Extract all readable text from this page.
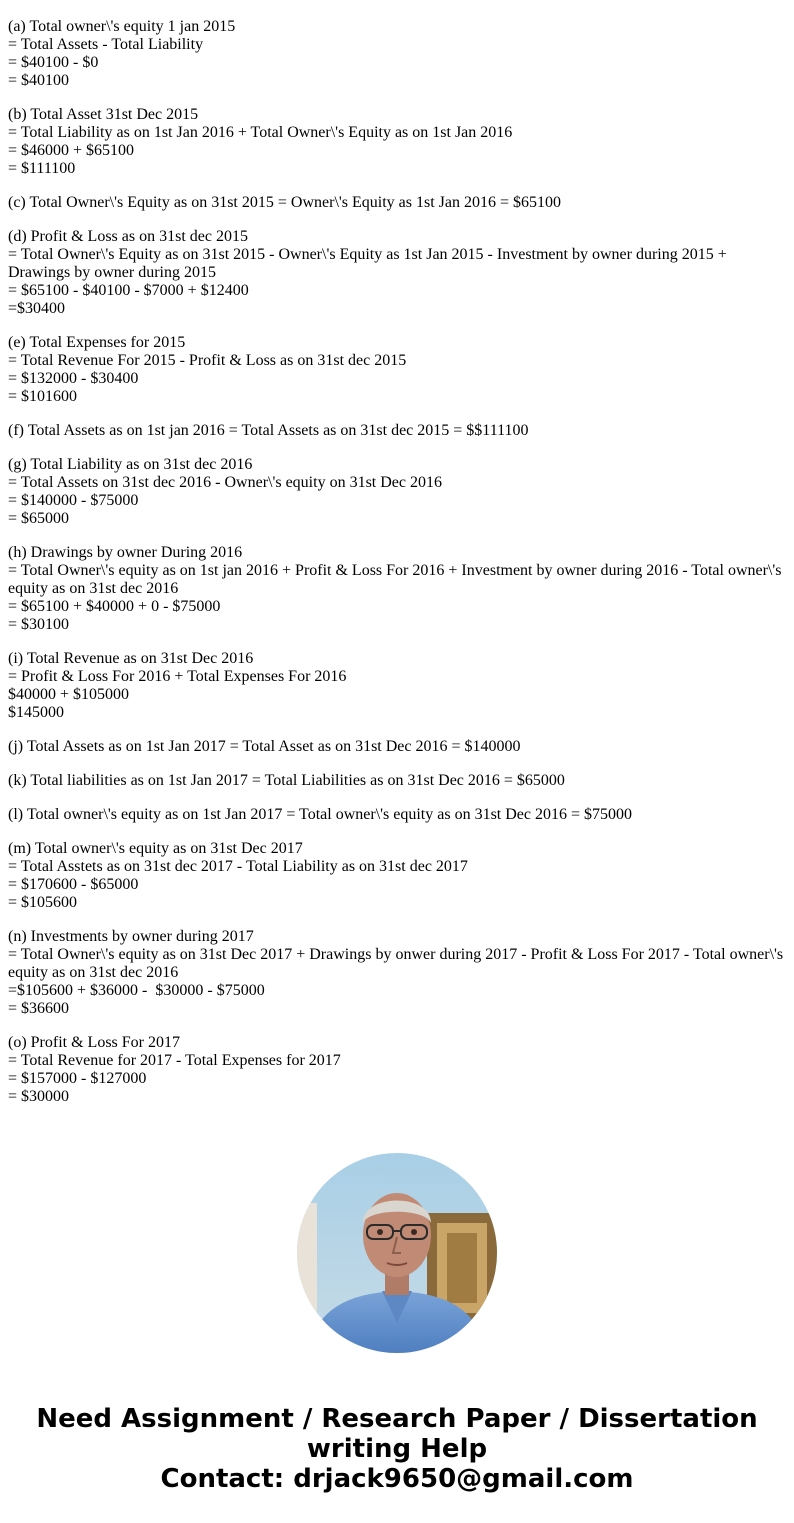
(a) Total owner\'s equity 1 jan 2015
= Total Assets - Total Liability
= $40100 - $0
= $40100
(b) Total Asset 31st Dec 2015
= Total Liability as on 1st Jan 2016 + Total Owner\'s Equity as on 1st Jan 2016
= $46000 + $65100
= $111100
(c) Total Owner\'s Equity as on 31st 2015 = Owner\'s Equity as 1st Jan 2016 = $65100
(d) Profit & Loss as on 31st dec 2015
= Total Owner\'s Equity as on 31st 2015 - Owner\'s Equity as 1st Jan 2015 - Investment by owner during 2015 + Drawings by owner during 2015
= $65100 - $40100 - $7000 + $12400
=$30400
(e) Total Expenses for 2015
= Total Revenue For 2015 - Profit & Loss as on 31st dec 2015
= $132000 - $30400
= $101600
(f) Total Assets as on 1st jan 2016 = Total Assets as on 31st dec 2015 = $$111100
(g) Total Liability as on 31st dec 2016
= Total Assets on 31st dec 2016 - Owner\'s equity on 31st Dec 2016
= $140000 - $75000
= $65000
(h) Drawings by owner During 2016
= Total Owner\'s equity as on 1st jan 2016 + Profit & Loss For 2016 + Investment by owner during 2016 - Total owner\'s equity as on 31st dec 2016
= $65100 + $40000 + 0 - $75000
= $30100
(i) Total Revenue as on 31st Dec 2016
= Profit & Loss For 2016 + Total Expenses For 2016
$40000 + $105000
$145000
(j) Total Assets as on 1st Jan 2017 = Total Asset as on 31st Dec 2016 = $140000
(k) Total liabilities as on 1st Jan 2017 = Total Liabilities as on 31st Dec 2016 = $65000
(l) Total owner\'s equity as on 1st Jan 2017 = Total owner\'s equity as on 31st Dec 2016 = $75000
(m) Total owner\'s equity as on 31st Dec 2017
= Total Asstets as on 31st dec 2017 - Total Liability as on 31st dec 2017
= $170600 - $65000
= $105600
(n) Investments by owner during 2017
= Total Owner\'s equity as on 31st Dec 2017 + Drawings by onwer during 2017 - Profit & Loss For 2017 - Total owner\'s equity as on 31st dec 2016
=$105600 + $36000 -  $30000 - $75000
= $36600
(o) Profit & Loss For 2017
= Total Revenue for 2017 - Total Expenses for 2017
= $157000 - $127000
= $30000
Need Assignment / Research Paper / Dissertation
writing Help
Contact: drjack9650@gmail.com
